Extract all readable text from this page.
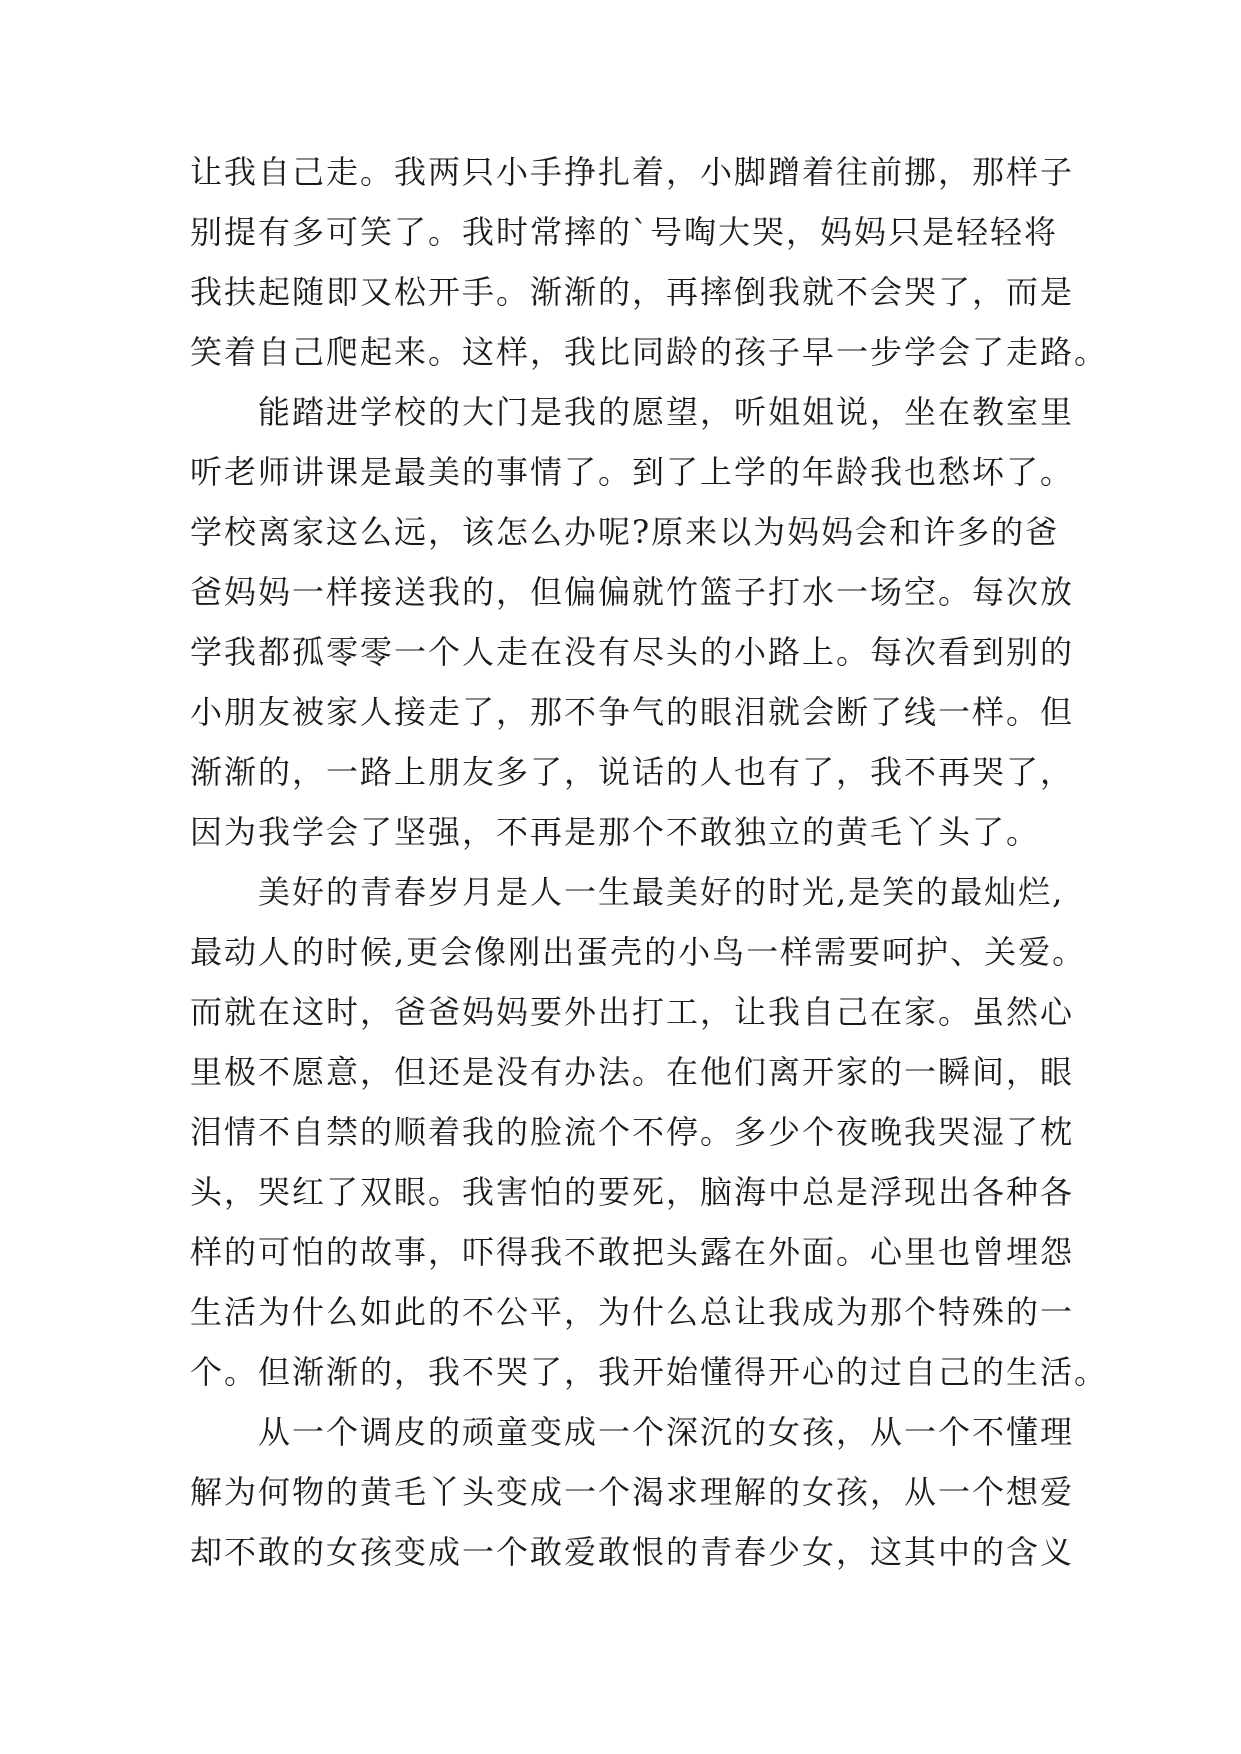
让我自己走。我两只小手挣扎着，小脚蹭着往前挪，那样子
别提有多可笑了。我时常摔的`号啕大哭，妈妈只是轻轻将
我扶起随即又松开手。渐渐的，再摔倒我就不会哭了，而是
笑着自己爬起来。这样，我比同龄的孩子早一步学会了走路。
　　能踏进学校的大门是我的愿望，听姐姐说，坐在教室里
听老师讲课是最美的事情了。到了上学的年龄我也愁坏了。
学校离家这么远，该怎么办呢?原来以为妈妈会和许多的爸
爸妈妈一样接送我的，但偏偏就竹篮子打水一场空。每次放
学我都孤零零一个人走在没有尽头的小路上。每次看到别的
小朋友被家人接走了，那不争气的眼泪就会断了线一样。但
渐渐的，一路上朋友多了，说话的人也有了，我不再哭了，
因为我学会了坚强，不再是那个不敢独立的黄毛丫头了。
　　美好的青春岁月是人一生最美好的时光,是笑的最灿烂,
最动人的时候,更会像刚出蛋壳的小鸟一样需要呵护、关爱。
而就在这时，爸爸妈妈要外出打工，让我自己在家。虽然心
里极不愿意，但还是没有办法。在他们离开家的一瞬间，眼
泪情不自禁的顺着我的脸流个不停。多少个夜晚我哭湿了枕
头，哭红了双眼。我害怕的要死，脑海中总是浮现出各种各
样的可怕的故事，吓得我不敢把头露在外面。心里也曾埋怨
生活为什么如此的不公平，为什么总让我成为那个特殊的一
个。但渐渐的，我不哭了，我开始懂得开心的过自己的生活。
　　从一个调皮的顽童变成一个深沉的女孩，从一个不懂理
解为何物的黄毛丫头变成一个渴求理解的女孩，从一个想爱
却不敢的女孩变成一个敢爱敢恨的青春少女，这其中的含义
